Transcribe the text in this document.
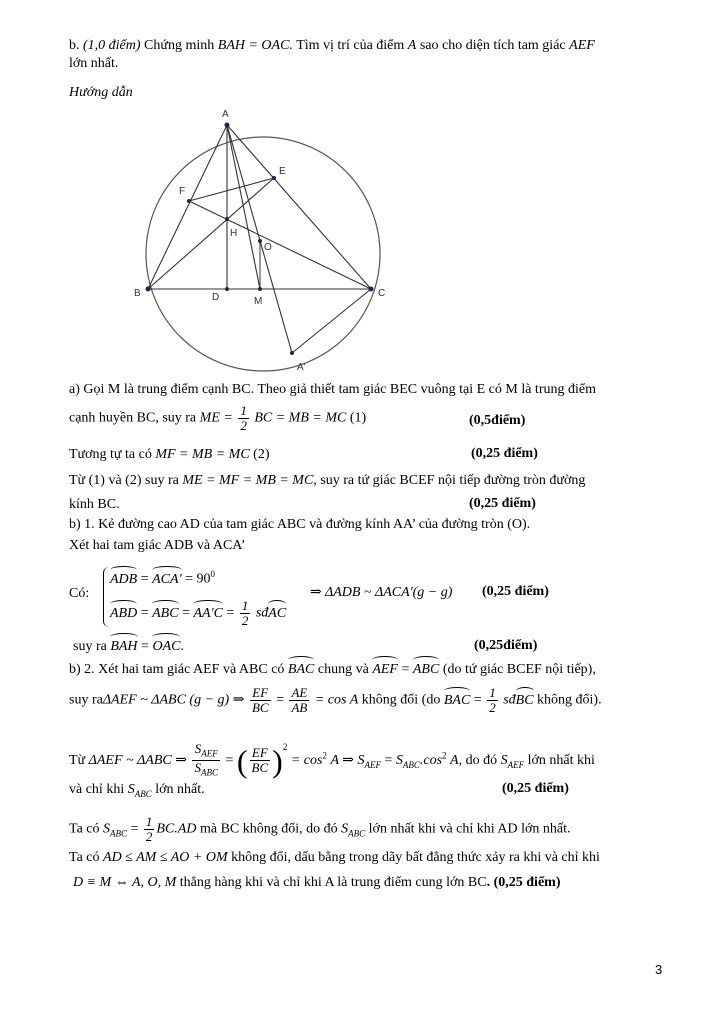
b. (1,0 điểm) Chứng minh BAH = OAC. Tìm vị trí của điểm A sao cho diện tích tam giác AEF
lớn nhất.
Hướng dẫn
A
E
F
H
O
B	C
D	M
A'
a) Gọi M là trung điểm cạnh BC. Theo giả thiết tam giác BEC vuông tại E có M là trung điểm
cạnh huyền BC, suy ra ME = $\frac{1}{2}$ BC = MB = MC (1)	(0,5điểm)
Tương tự ta có MF = MB = MC (2)	(0,25 điểm)
Từ (1) và (2) suy ra ME = MF = MB = MC, suy ra tứ giác BCEF nội tiếp đường tròn đường
kính BC.	(0,25 điểm)
b) 1. Kẻ đường cao AD của tam giác ABC và đường kính AA’ của đường tròn (O).
Xét hai tam giác ADB và ACA’
Có:
ADB = $ACA' = 90^0$
ABD = ABC = $AA'C = \frac{1}{2}$ sđAC
⇒ ΔADB ~ ΔACA'(g − g) (0,25 điểm)
suy ra BAH = OAC.	(0,25điểm)
b) 2. Xét hai tam giác AEF và ABC có BAC chung và AEF = ABC (do tứ giác BCEF nội tiếp),
suy raΔAEF ~ ΔABC (g − g) ⇒ $\frac{EF}{BC} = \frac{AE}{AB} = \cos A$ không đổi (do BAC = $\frac{1}{2}$ sđBC không đổi).
Từ ΔAEF ~ ΔABC ⇒ $\frac{S_{AEF}}{S_{ABC}}$ = ( $\frac{EF}{BC} )^2 = \cos^2 A$ ⇒ $S_{AEF} = S_{ABC}.\cos^2$ A, do đó $S_{AEF}$ lớn nhất khi
và chỉ khi $S_{ABC}$ lớn nhất.	(0,25 điểm)
Ta có $S_{ABC} = \frac{1}{2} BC.AD$ mà BC không đổi, do đó $S_{ABC}$ lớn nhất khi và chỉ khi AD lớn nhất.
Ta có AD ≤ AM ≤ AO + OM không đổi, dấu bằng trong dãy bất đẳng thức xảy ra khi và chỉ khi
D ≡ M ⇔ A, O, M thẳng hàng khi và chỉ khi A là trung điểm cung lớn BC. (0,25 điểm)
3
